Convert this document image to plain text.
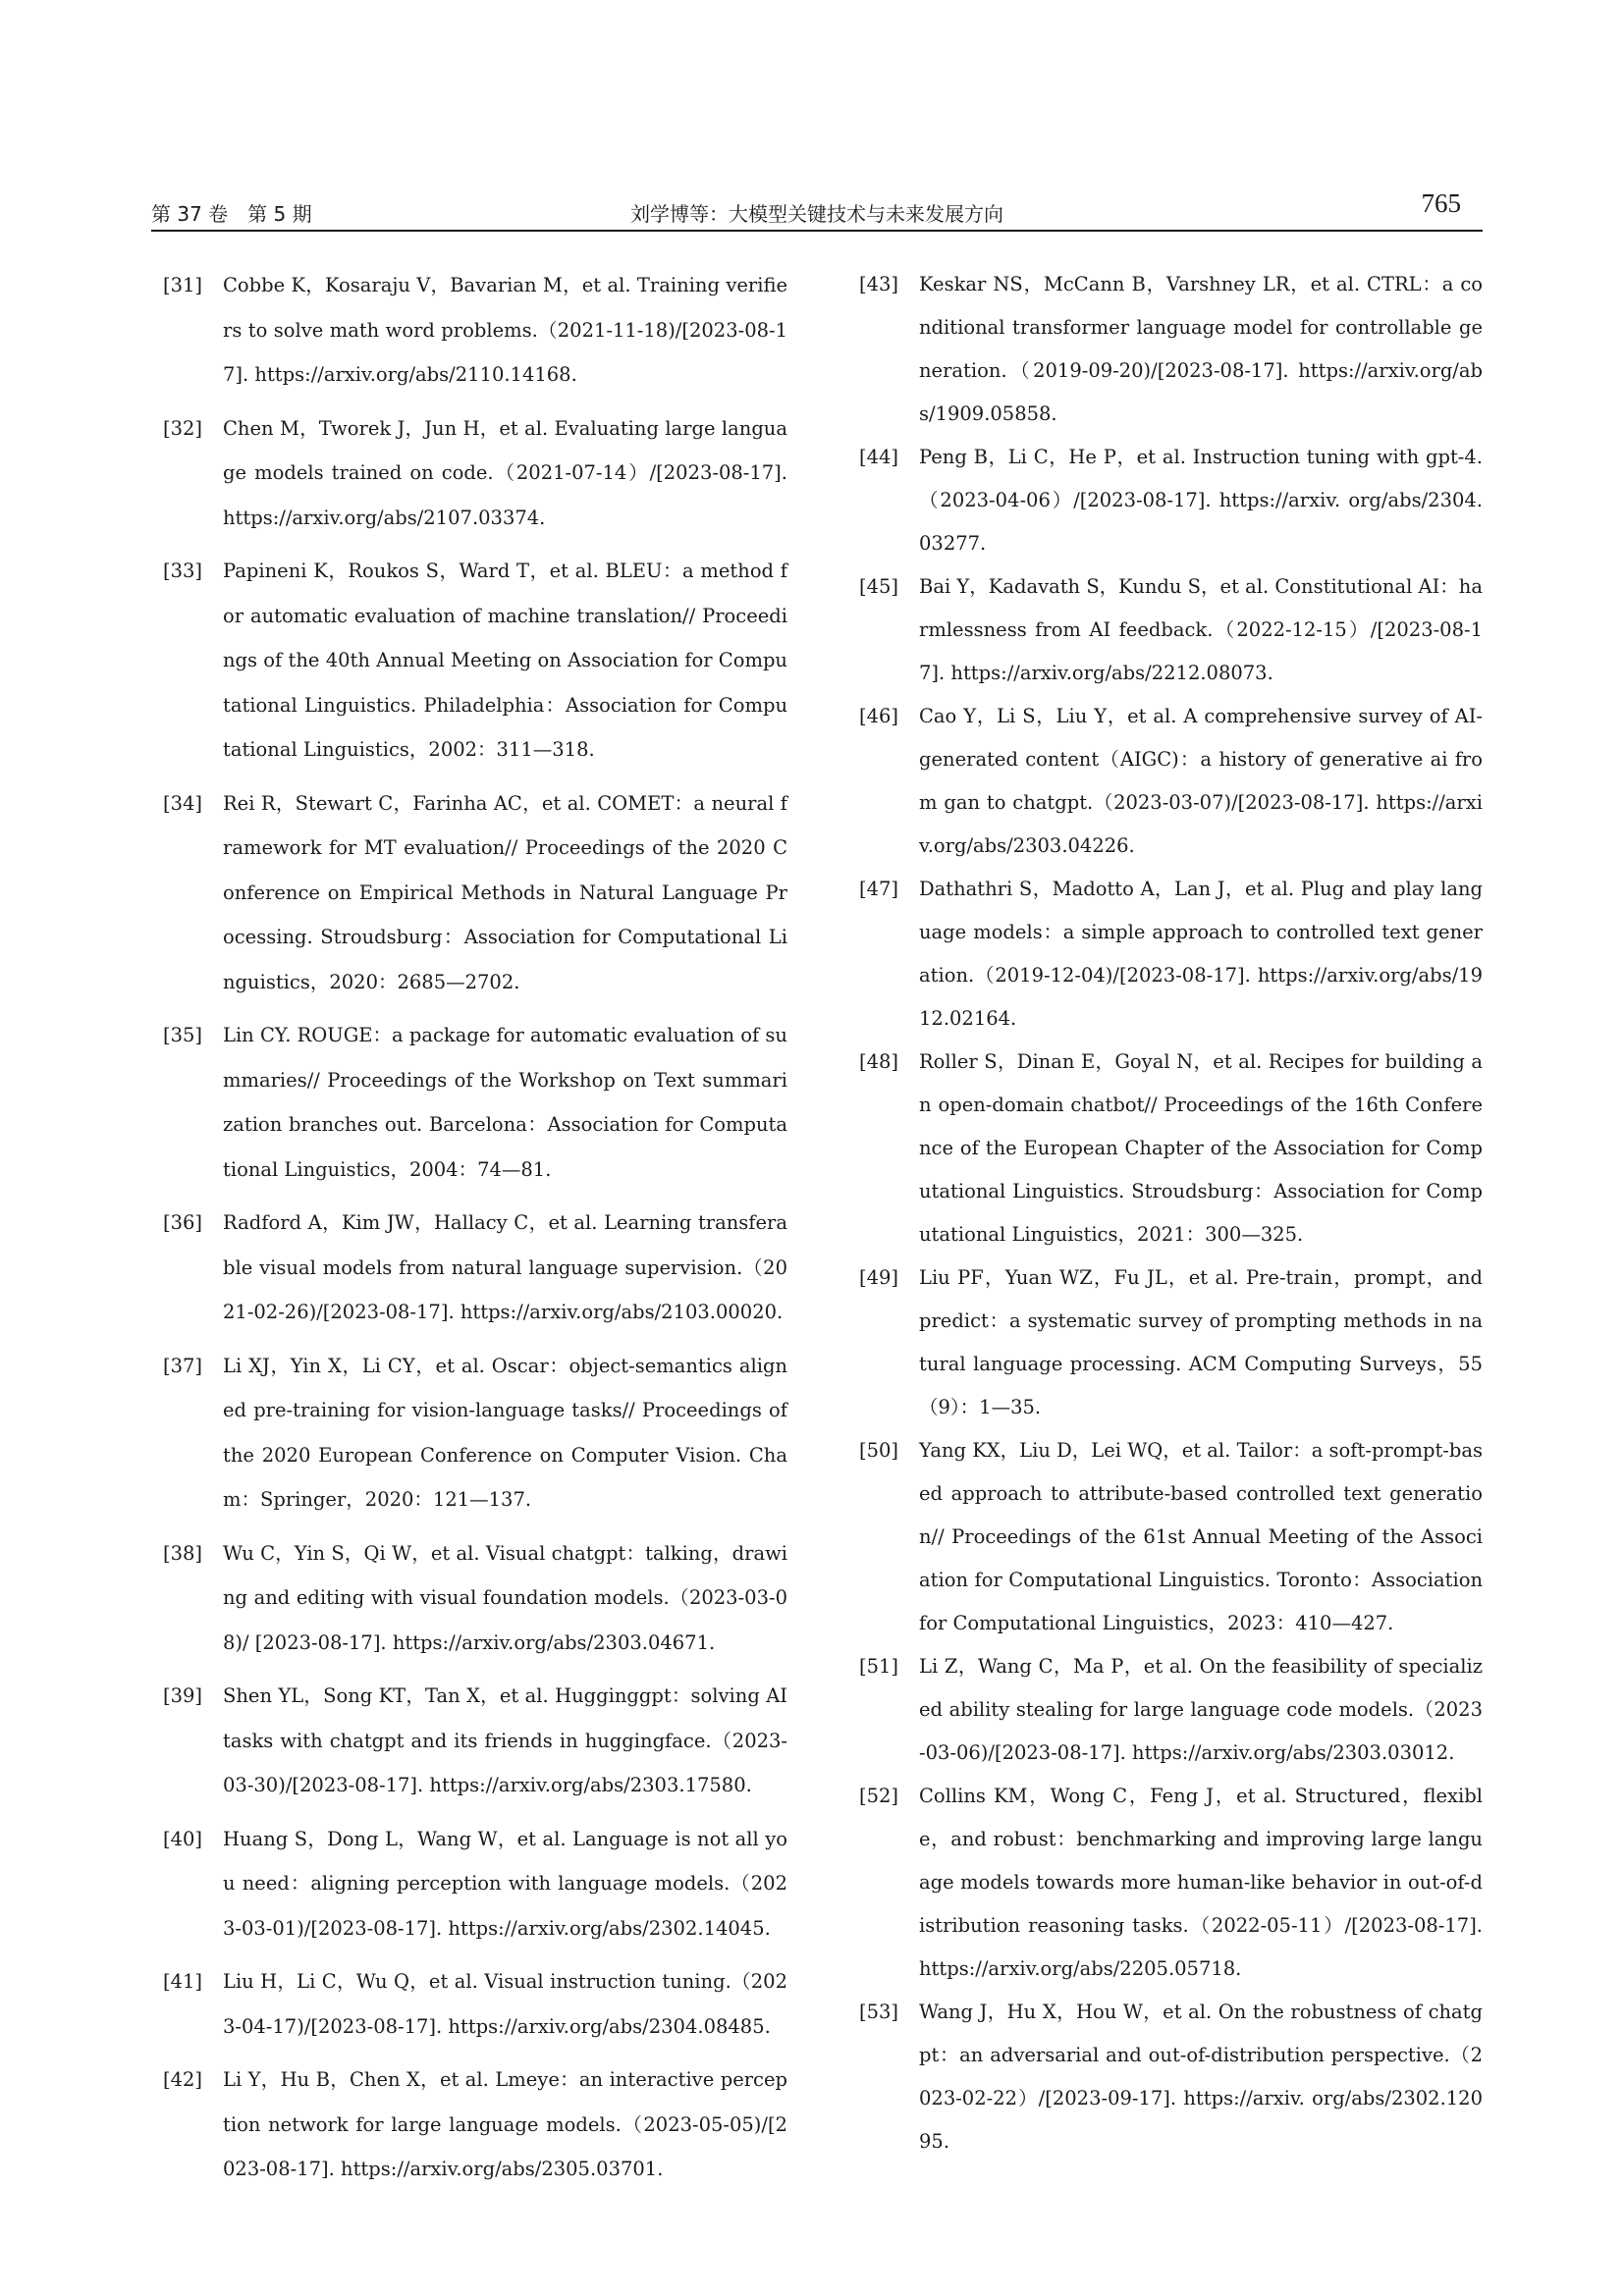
第 37 卷　第 5 期	刘学博等：大模型关键技术与未来发展方向	765
[31] Cobbe K，Kosaraju V，Bavarian M，et al. Training verifiers to solve math word problems.（2021-11-18)/[2023-08-17]. https://arxiv.org/abs/2110.14168.
[32] Chen M，Tworek J，Jun H，et al. Evaluating large language models trained on code.（2021-07-14）/[2023-08-17]. https://arxiv.org/abs/2107.03374.
[33] Papineni K，Roukos S，Ward T，et al. BLEU：a method for automatic evaluation of machine translation// Proceedings of the 40th Annual Meeting on Association for Computational Linguistics. Philadelphia：Association for Computational Linguistics，2002：311—318.
[34] Rei R，Stewart C，Farinha AC，et al. COMET：a neural framework for MT evaluation// Proceedings of the 2020 Conference on Empirical Methods in Natural Language Processing. Stroudsburg：Association for Computational Linguistics，2020：2685—2702.
[35] Lin CY. ROUGE：a package for automatic evaluation of summaries// Proceedings of the Workshop on Text summarization branches out. Barcelona：Association for Computational Linguistics，2004：74—81.
[36] Radford A，Kim JW，Hallacy C，et al. Learning transferable visual models from natural language supervision.（2021-02-26)/[2023-08-17]. https://arxiv.org/abs/2103.00020.
[37] Li XJ，Yin X，Li CY，et al. Oscar：object-semantics aligned pre-training for vision-language tasks// Proceedings of the 2020 European Conference on Computer Vision. Cham：Springer，2020：121—137.
[38] Wu C，Yin S，Qi W，et al. Visual chatgpt：talking，drawing and editing with visual foundation models.（2023-03-08)/ [2023-08-17]. https://arxiv.org/abs/2303.04671.
[39] Shen YL，Song KT，Tan X，et al. Hugginggpt：solving AI tasks with chatgpt and its friends in huggingface.（2023-03-30)/[2023-08-17]. https://arxiv.org/abs/2303.17580.
[40] Huang S，Dong L，Wang W，et al. Language is not all you need：aligning perception with language models.（2023-03-01)/[2023-08-17]. https://arxiv.org/abs/2302.14045.
[41] Liu H，Li C，Wu Q，et al. Visual instruction tuning.（2023-04-17)/[2023-08-17]. https://arxiv.org/abs/2304.08485.
[42] Li Y，Hu B，Chen X，et al. Lmeye：an interactive perception network for large language models.（2023-05-05)/[2023-08-17]. https://arxiv.org/abs/2305.03701.
[43] Keskar NS，McCann B，Varshney LR，et al. CTRL：a conditional transformer language model for controllable generation.（2019-09-20)/[2023-08-17]. https://arxiv.org/abs/1909.05858.
[44] Peng B，Li C，He P，et al. Instruction tuning with gpt-4.（2023-04-06）/[2023-08-17]. https://arxiv. org/abs/2304.03277.
[45] Bai Y，Kadavath S，Kundu S，et al. Constitutional AI：harmlessness from AI feedback.（2022-12-15）/[2023-08-17]. https://arxiv.org/abs/2212.08073.
[46] Cao Y，Li S，Liu Y，et al. A comprehensive survey of AI-generated content（AIGC)：a history of generative ai from gan to chatgpt.（2023-03-07)/[2023-08-17]. https://arxiv.org/abs/2303.04226.
[47] Dathathri S，Madotto A，Lan J，et al. Plug and play language models：a simple approach to controlled text generation.（2019-12-04)/[2023-08-17]. https://arxiv.org/abs/1912.02164.
[48] Roller S，Dinan E，Goyal N，et al. Recipes for building an open-domain chatbot// Proceedings of the 16th Conference of the European Chapter of the Association for Computational Linguistics. Stroudsburg：Association for Computational Linguistics，2021：300—325.
[49] Liu PF，Yuan WZ，Fu JL，et al. Pre-train，prompt，and predict：a systematic survey of prompting methods in natural language processing. ACM Computing Surveys，55（9）：1—35.
[50] Yang KX，Liu D，Lei WQ，et al. Tailor：a soft-prompt-based approach to attribute-based controlled text generation// Proceedings of the 61st Annual Meeting of the Association for Computational Linguistics. Toronto：Association for Computational Linguistics，2023：410—427.
[51] Li Z，Wang C，Ma P，et al. On the feasibility of specialized ability stealing for large language code models.（2023-03-06)/[2023-08-17]. https://arxiv.org/abs/2303.03012.
[52] Collins KM，Wong C，Feng J，et al. Structured，flexible，and robust：benchmarking and improving large language models towards more human-like behavior in out-of-distribution reasoning tasks.（2022-05-11）/[2023-08-17]. https://arxiv.org/abs/2205.05718.
[53] Wang J，Hu X，Hou W，et al. On the robustness of chatgpt：an adversarial and out-of-distribution perspective.（2023-02-22）/[2023-09-17]. https://arxiv. org/abs/2302.12095.
